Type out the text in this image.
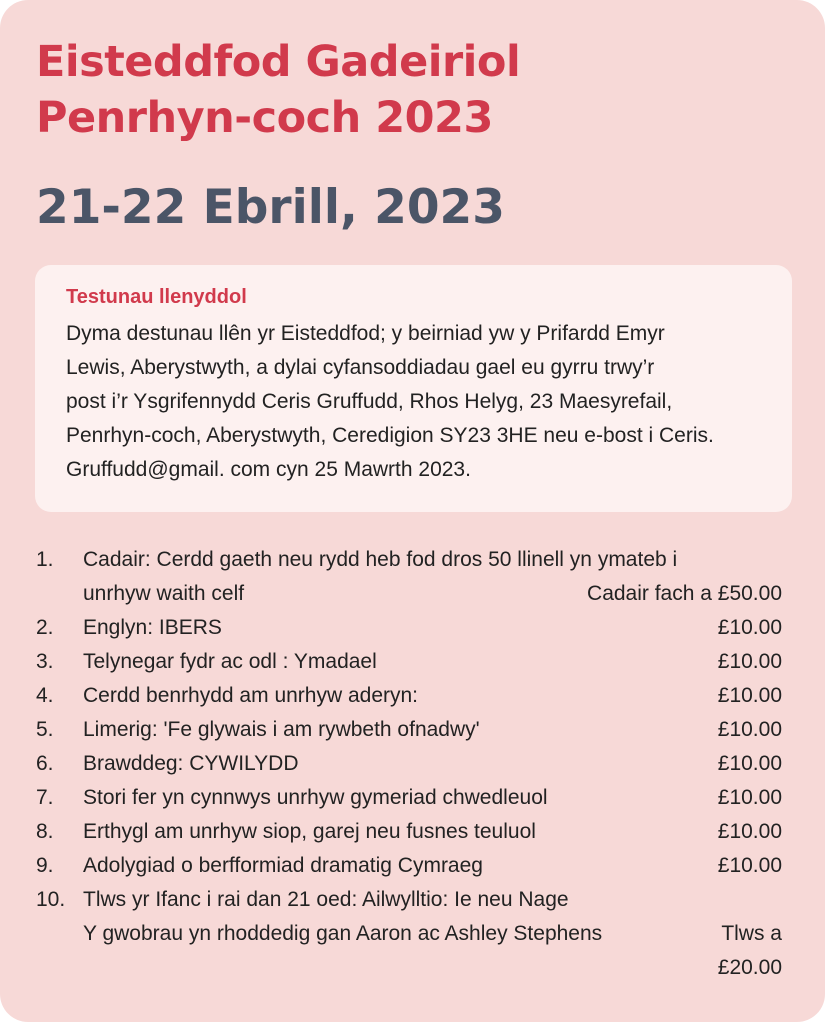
Eisteddfod Gadeiriol
Penrhyn-coch 2023
21-22 Ebrill, 2023
Testunau llenyddol
Dyma destunau llên yr Eisteddfod; y beirniad yw y Prifardd Emyr
Lewis, Aberystwyth, a dylai cyfansoddiadau gael eu gyrru trwy’r
post i’r Ysgrifennydd Ceris Gruffudd, Rhos Helyg, 23 Maesyrefail,
Penrhyn-coch, Aberystwyth, Ceredigion SY23 3HE neu e-bost i Ceris.
Gruffudd@gmail. com cyn 25 Mawrth 2023.
1. Cadair: Cerdd gaeth neu rydd heb fod dros 50 llinell yn ymateb i
unrhyw waith celf	Cadair fach a £50.00
2. Englyn: IBERS	£10.00
3. Telynegar fydr ac odl : Ymadael	£10.00
4. Cerdd benrhydd am unrhyw aderyn:	£10.00
5. Limerig: 'Fe glywais i am rywbeth ofnadwy'	£10.00
6. Brawddeg: CYWILYDD	£10.00
7. Stori fer yn cynnwys unrhyw gymeriad chwedleuol	£10.00
8. Erthygl am unrhyw siop, garej neu fusnes teuluol	£10.00
9. Adolygiad o berfformiad dramatig Cymraeg	£10.00
10. Tlws yr Ifanc i rai dan 21 oed: Ailwylltio: Ie neu Nage
Y gwobrau yn rhoddedig gan Aaron ac Ashley Stephens	Tlws a
£20.00
